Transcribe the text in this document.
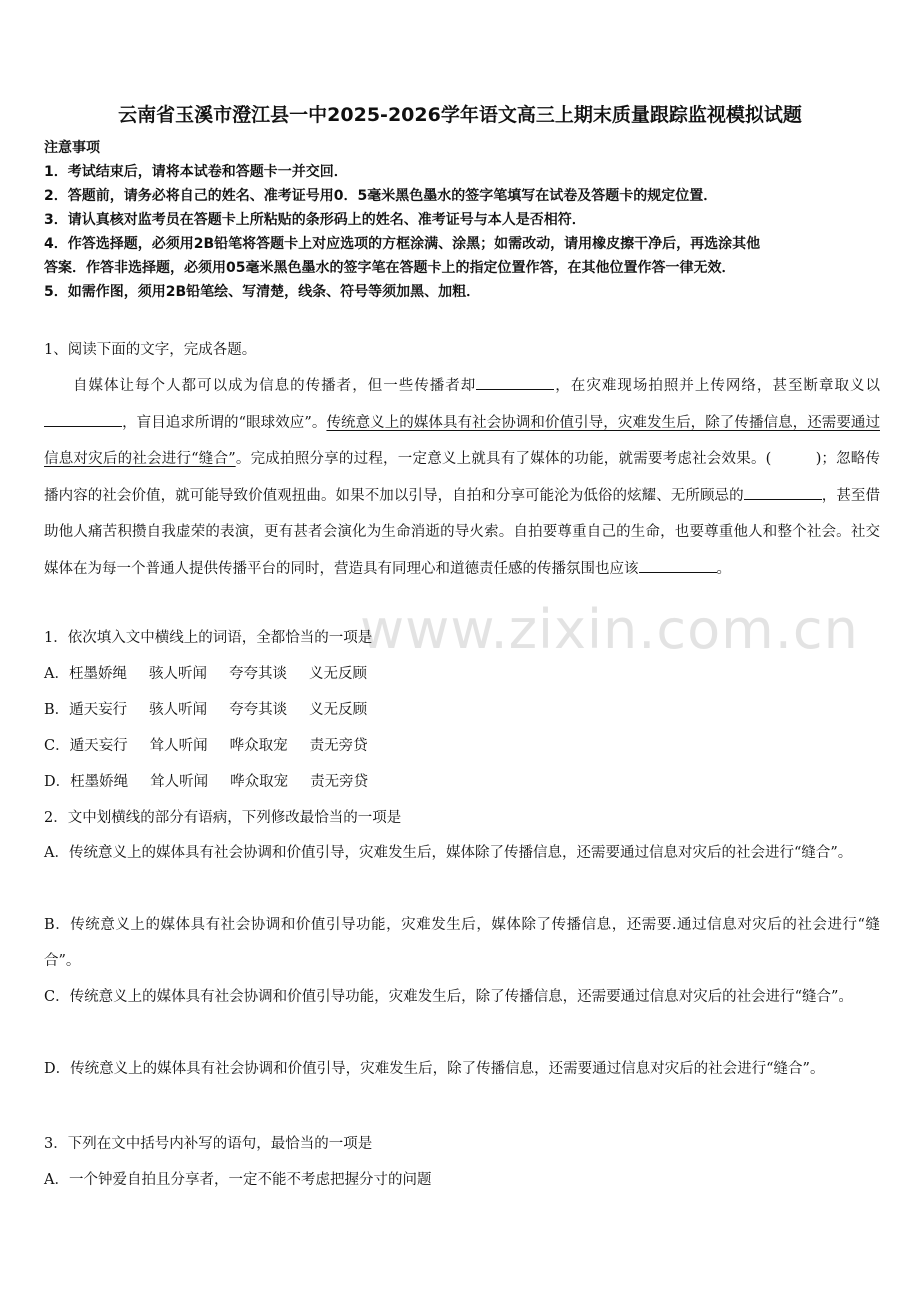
云南省玉溪市澄江县一中2025-2026学年语文高三上期末质量跟踪监视模拟试题
注意事项
1．考试结束后，请将本试卷和答题卡一并交回．
2．答题前，请务必将自己的姓名、准考证号用0．5毫米黑色墨水的签字笔填写在试卷及答题卡的规定位置．
3．请认真核对监考员在答题卡上所粘贴的条形码上的姓名、准考证号与本人是否相符．
4．作答选择题，必须用2B铅笔将答题卡上对应选项的方框涂满、涂黑；如需改动，请用橡皮擦干净后，再选涂其他
答案．作答非选择题，必须用05毫米黑色墨水的签字笔在答题卡上的指定位置作答，在其他位置作答一律无效．
5．如需作图，须用2B铅笔绘、写清楚，线条、符号等须加黑、加粗．
1、阅读下面的文字，完成各题。

自媒体让每个人都可以成为信息的传播者，但一些传播者却	，在灾难现场拍照并上传网络，甚至断章取义以，盲目追求所谓的“眼球效应”。传统意义上的媒体具有社会协调和价值引导，灾难发生后，除了传播信息，还需要通过信息对灾后的社会进行“缝合”。完成拍照分享的过程，一定意义上就具有了媒体的功能，就需要考虑社会效果。(　　　)；忽略传播内容的社会价值，就可能导致价值观扭曲。如果不加以引导，自拍和分享可能沦为低俗的炫耀、无所顾忌的	，甚至借助他人痛苦积攒自我虚荣的表演，更有甚者会演化为生命消逝的导火索。自拍要尊重自己的生命，也要尊重他人和整个社会。社交媒体在为每一个普通人提供传播平台的同时，营造具有同理心和道德责任感的传播氛围也应该	。

www.zixin.com.cn
1．依次填入文中横线上的词语，全都恰当的一项是
A．枉墨娇绳 骇人听闻 夸夸其谈 义无反顾
B．遁天妄行 骇人听闻 夸夸其谈 义无反顾
C．遁天妄行 耸人听闻 哗众取宠 责无旁贷
D．枉墨娇绳 耸人听闻 哗众取宠 责无旁贷
2．文中划横线的部分有语病，下列修改最恰当的一项是
A．传统意义上的媒体具有社会协调和价值引导，灾难发生后，媒体除了传播信息，还需要通过信息对灾后的社会进行“缝合”。
B．传统意义上的媒体具有社会协调和价值引导功能，灾难发生后，媒体除了传播信息，还需要.通过信息对灾后的社会进行“缝合”。
C．传统意义上的媒体具有社会协调和价值引导功能，灾难发生后，除了传播信息，还需要通过信息对灾后的社会进行“缝合”。
D．传统意义上的媒体具有社会协调和价值引导，灾难发生后，除了传播信息，还需要通过信息对灾后的社会进行“缝合”。
3．下列在文中括号内补写的语句，最恰当的一项是
A．一个钟爱自拍且分享者，一定不能不考虑把握分寸的问题
